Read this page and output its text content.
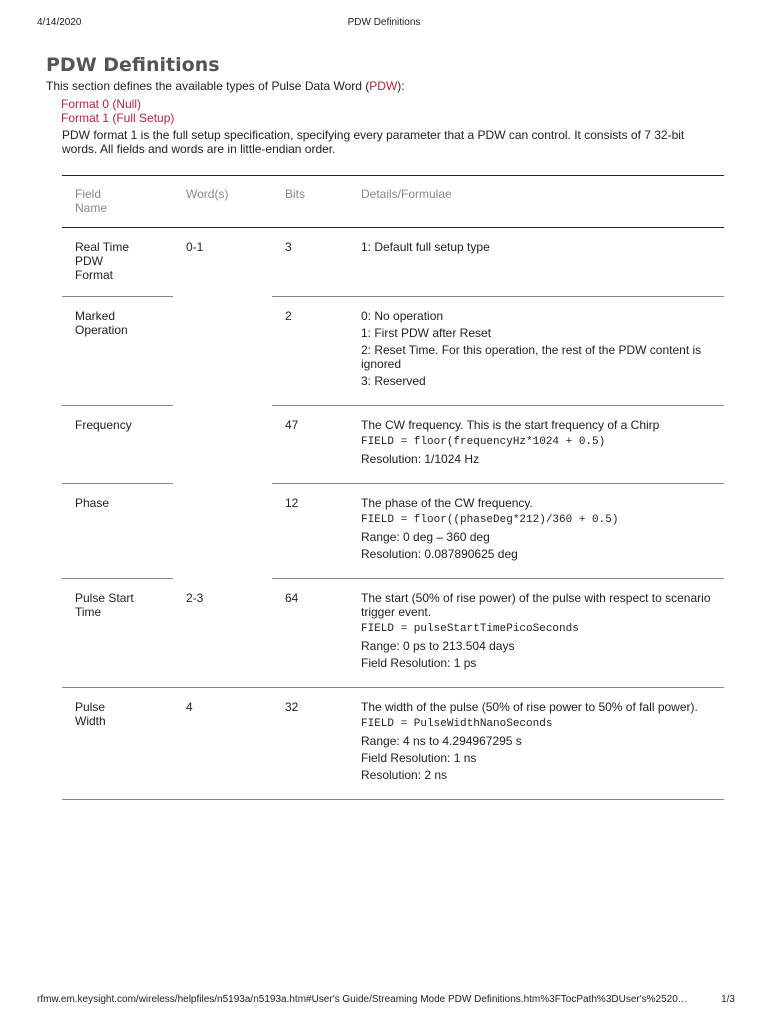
4/14/2020	PDW Definitions
PDW Definitions
This section defines the available types of Pulse Data Word (PDW):
Format 0 (Null)
Format 1 (Full Setup)
PDW format 1 is the full setup specification, specifying every parameter that a PDW can control. It consists of 7 32-bit words. All fields and words are in little-endian order.
Field Name	Word(s)	Bits	Details/Formulae

Real Time PDW Format	0-1	3	1: Default full setup type

Marked Operation		2	0: No operation
1: First PDW after Reset
2: Reset Time. For this operation, the rest of the PDW content is ignored
3: Reserved

Frequency		47	The CW frequency. This is the start frequency of a Chirp
FIELD = floor(frequencyHz*1024 + 0.5)
Resolution: 1/1024 Hz

Phase		12	The phase of the CW frequency.
FIELD = floor((phaseDeg*212)/360 + 0.5)
Range: 0 deg – 360 deg
Resolution: 0.087890625 deg

Pulse Start Time	2-3	64	The start (50% of rise power) of the pulse with respect to scenario trigger event.
FIELD = pulseStartTimePicoSeconds
Range: 0 ps to 213.504 days
Field Resolution: 1 ps

Pulse Width	4	32	The width of the pulse (50% of rise power to 50% of fall power).
FIELD = PulseWidthNanoSeconds
Range: 4 ns to 4.294967295 s
Field Resolution: 1 ns
Resolution: 2 ns
rfmw.em.keysight.com/wireless/helpfiles/n5193a/n5193a.htm#User's Guide/Streaming Mode PDW Definitions.htm%3FTocPath%3DUser's%2520…	1/3
